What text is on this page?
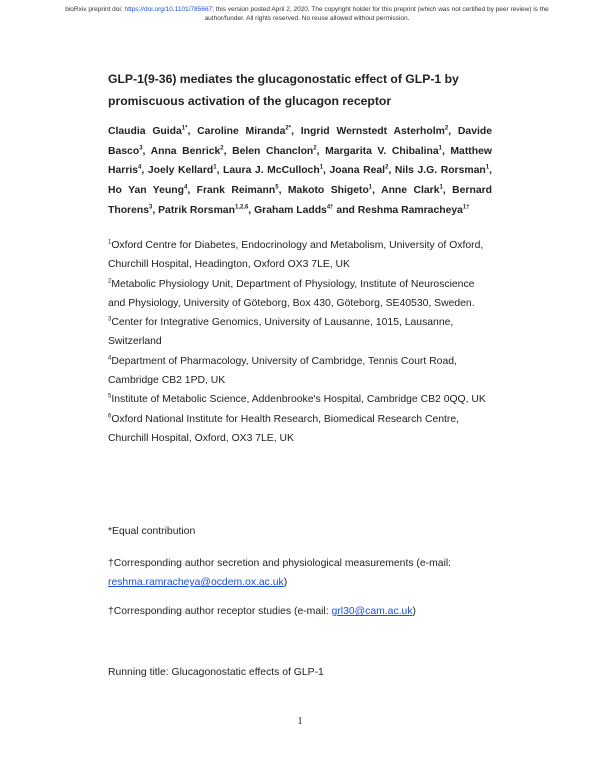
bioRxiv preprint doi: https://doi.org/10.1101/785667; this version posted April 2, 2020. The copyright holder for this preprint (which was not certified by peer review) is the author/funder. All rights reserved. No reuse allowed without permission.
GLP-1(9-36) mediates the glucagonostatic effect of GLP-1 by promiscuous activation of the glucagon receptor
Claudia Guida$^{1*}$, Caroline Miranda$^{2*}$, Ingrid Wernstedt Asterholm$^2$, Davide Basco$^3$, Anna Benrick$^2$, Belen Chanclon$^2$, Margarita V. Chibalina$^1$, Matthew Harris$^4$, Joely Kellard$^1$, Laura J. McCulloch$^1$, Joana Real$^2$, Nils J.G. Rorsman$^1$, Ho Yan Yeung$^4$, Frank Reimann$^5$, Makoto Shigeto$^1$, Anne Clark$^1$, Bernard Thorens$^3$, Patrik Rorsman$^{1,2,6}$, Graham Ladds$^{4\dagger}$ and Reshma Ramracheya$^{1\dagger}$
$^1$Oxford Centre for Diabetes, Endocrinology and Metabolism, University of Oxford, Churchill Hospital, Headington, Oxford OX3 7LE, UK
$^2$Metabolic Physiology Unit, Department of Physiology, Institute of Neuroscience and Physiology, University of Göteborg, Box 430, Göteborg, SE40530, Sweden.
$^3$Center for Integrative Genomics, University of Lausanne, 1015, Lausanne, Switzerland
$^4$Department of Pharmacology, University of Cambridge, Tennis Court Road, Cambridge CB2 1PD, UK
$^5$Institute of Metabolic Science, Addenbrooke's Hospital, Cambridge CB2 0QQ, UK
$^6$Oxford National Institute for Health Research, Biomedical Research Centre, Churchill Hospital, Oxford, OX3 7LE, UK
*Equal contribution
†Corresponding author secretion and physiological measurements (e-mail:
reshma.ramracheya@ocdem.ox.ac.uk)
†Corresponding author receptor studies (e-mail: grl30@cam.ac.uk)
Running title: Glucagonostatic effects of GLP-1
1
